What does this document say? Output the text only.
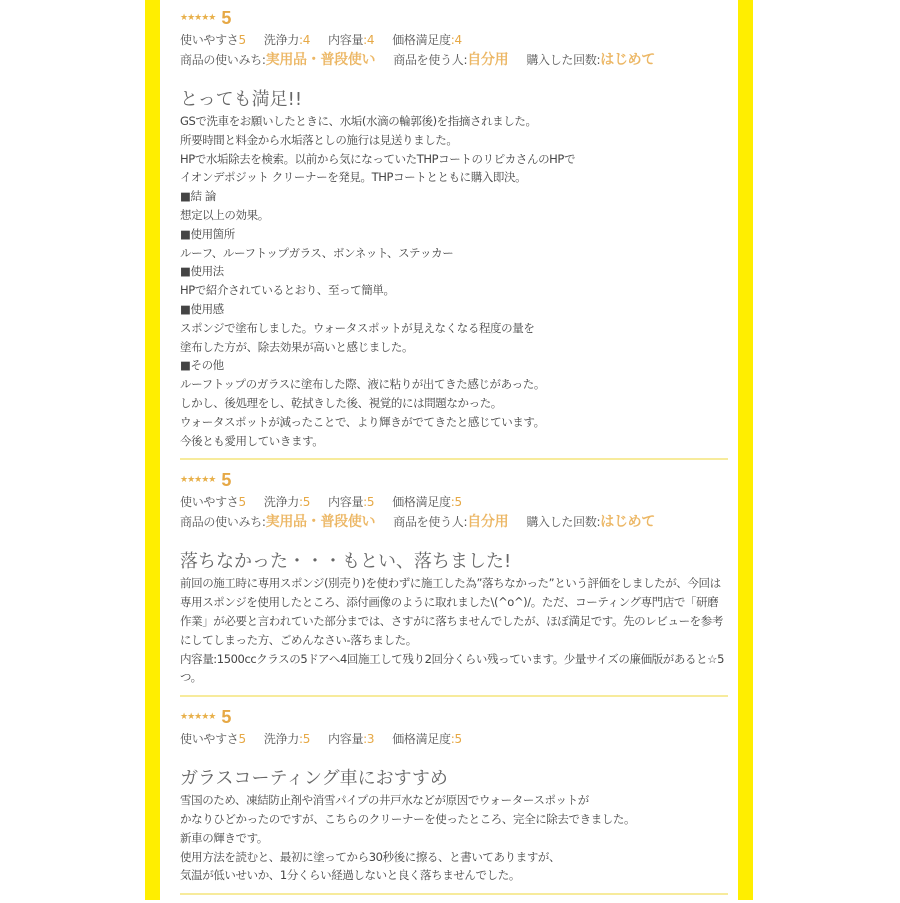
★★★★★ 5
使いやすさ5 洗浄力:4 内容量:4 価格満足度:4
商品の使いみち:実用品・普段使い 商品を使う人:自分用 購入した回数:はじめて
とっても満足!!
GSで洗車をお願いしたときに、水垢(水滴の輪郭後)を指摘されました。
所要時間と料金から水垢落としの施行は見送りました。
HPで水垢除去を検索。以前から気になっていたTHPコートのリピカさんのHPで
イオンデポジット クリーナーを発見。THPコートとともに購入即決。
■結 論
想定以上の効果。
■使用箇所
ルーフ、ルーフトップガラス、ボンネット、ステッカー
■使用法
HPで紹介されているとおり、至って簡単。
■使用感
スポンジで塗布しました。ウォータスポットが見えなくなる程度の量を
塗布した方が、除去効果が高いと感じました。
■その他
ルーフトップのガラスに塗布した際、液に粘りが出てきた感じがあった。
しかし、後処理をし、乾拭きした後、視覚的には問題なかった。
ウォータスポットが減ったことで、より輝きがでてきたと感じています。
今後とも愛用していきます。
★★★★★ 5
使いやすさ5 洗浄力:5 内容量:5 価格満足度:5
商品の使いみち:実用品・普段使い 商品を使う人:自分用 購入した回数:はじめて
落ちなかった・・・もとい、落ちました!
前回の施工時に専用スポンジ(別売り)を使わずに施工した為”落ちなかった”という評価をしましたが、今回は専用スポンジを使用したところ、添付画像のように取れました\(^o^)/。ただ、コーティング専門店で「研磨作業」が必要と言われていた部分までは、さすがに落ちませんでしたが、ほぼ満足です。先のレビューを参考にしてしまった方、ごめんなさい-落ちました。
内容量:1500ccクラスの5ドアへ4回施工して残り2回分くらい残っています。少量サイズの廉価版があると☆5つ。
★★★★★ 5
使いやすさ5 洗浄力:5 内容量:3 価格満足度:5
ガラスコーティング車におすすめ
雪国のため、凍結防止剤や消雪パイプの井戸水などが原因でウォータースポットが
かなりひどかったのですが、こちらのクリーナーを使ったところ、完全に除去できました。
新車の輝きです。
使用方法を読むと、最初に塗ってから30秒後に擦る、と書いてありますが、
気温が低いせいか、1分くらい経過しないと良く落ちませんでした。
